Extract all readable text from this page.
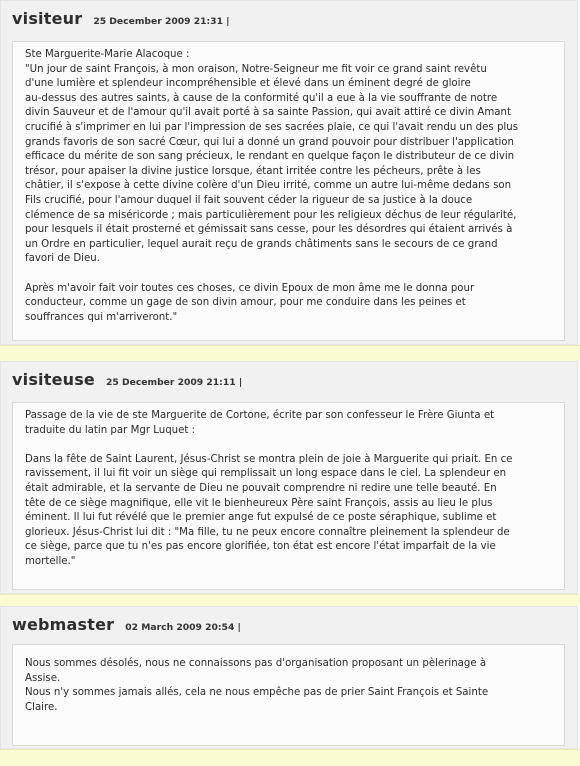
visiteur 25 December 2009 21:31 |

Ste Marguerite-Marie Alacoque :
"Un jour de saint François, à mon oraison, Notre-Seigneur me fit voir ce grand saint revêtu
d'une lumière et splendeur incompréhensible et élevé dans un éminent degré de gloire
au-dessus des autres saints, à cause de la conformité qu'il a eue à la vie souffrante de notre
divin Sauveur et de l'amour qu'il avait porté à sa sainte Passion, qui avait attiré ce divin Amant
crucifié à s'imprimer en lui par l'impression de ses sacrées plaie, ce qui l'avait rendu un des plus
grands favoris de son sacré Cœur, qui lui a donné un grand pouvoir pour distribuer l'application
efficace du mérite de son sang précieux, le rendant en quelque façon le distributeur de ce divin
trésor, pour apaiser la divine justice lorsque, étant irritée contre les pécheurs, prête à les
châtier, il s'expose à cette divine colère d'un Dieu irrité, comme un autre lui-même dedans son
Fils crucifié, pour l'amour duquel il fait souvent céder la rigueur de sa justice à la douce
clémence de sa miséricorde ; mais particulièrement pour les religieux déchus de leur régularité,
pour lesquels il était prosterné et gémissait sans cesse, pour les désordres qui étaient arrivés à
un Ordre en particulier, lequel aurait reçu de grands châtiments sans le secours de ce grand
favori de Dieu.

Après m'avoir fait voir toutes ces choses, ce divin Epoux de mon âme me le donna pour
conducteur, comme un gage de son divin amour, pour me conduire dans les peines et
souffrances qui m'arriveront."

visiteuse 25 December 2009 21:11 |

Passage de la vie de ste Marguerite de Cortone, écrite par son confesseur le Frère Giunta et
traduite du latin par Mgr Luquet :

Dans la fête de Saint Laurent, Jésus-Christ se montra plein de joie à Marguerite qui priait. En ce
ravissement, il lui fit voir un siège qui remplissait un long espace dans le ciel. La splendeur en
était admirable, et la servante de Dieu ne pouvait comprendre ni redire une telle beauté. En
tête de ce siège magnifique, elle vit le bienheureux Père saint François, assis au lieu le plus
éminent. Il lui fut révélé que le premier ange fut expulsé de ce poste séraphique, sublime et
glorieux. Jésus-Christ lui dit : "Ma fille, tu ne peux encore connaître pleinement la splendeur de
ce siège, parce que tu n'es pas encore glorifiée, ton état est encore l'état imparfait de la vie
mortelle."

webmaster 02 March 2009 20:54 |

Nous sommes désolés, nous ne connaissons pas d'organisation proposant un pèlerinage à
Assise.
Nous n'y sommes jamais allés, cela ne nous empêche pas de prier Saint François et Sainte
Claire.
